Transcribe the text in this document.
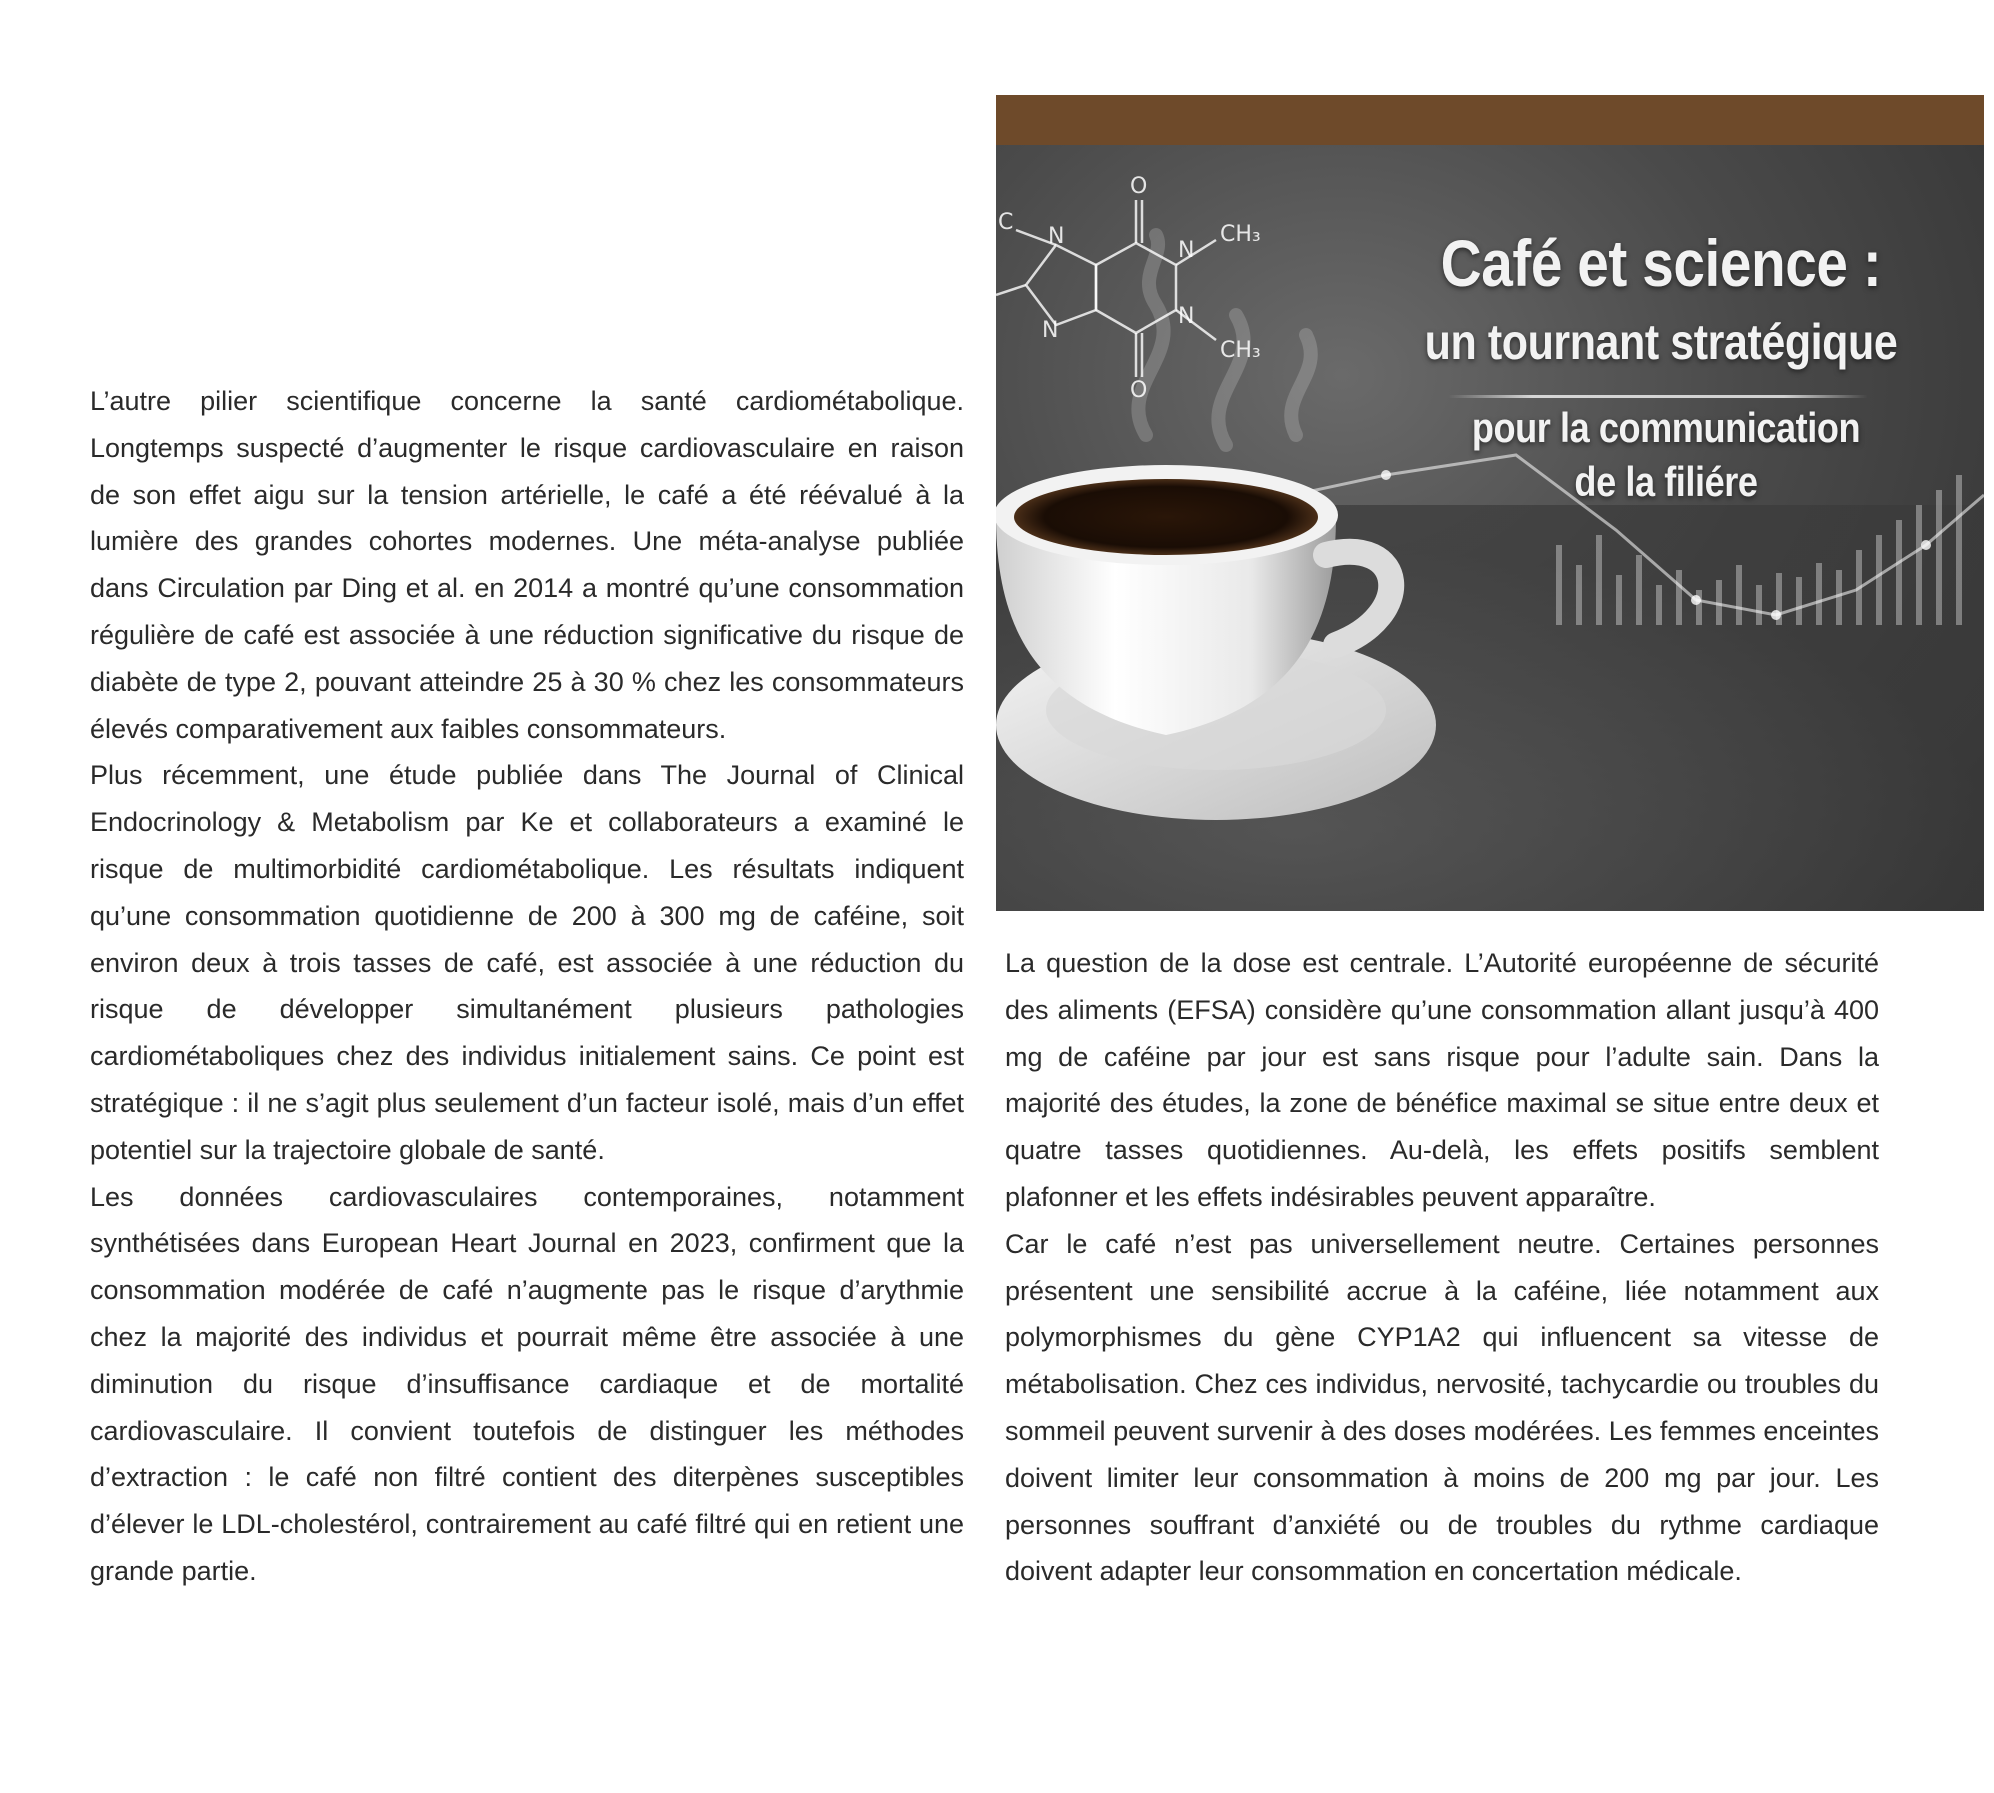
L’autre pilier scientifique concerne la santé cardiométabolique. Longtemps suspecté d’augmenter le risque cardiovasculaire en raison de son effet aigu sur la tension artérielle, le café a été réévalué à la lumière des grandes cohortes modernes. Une méta-analyse publiée dans Circulation par Ding et al. en 2014 a montré qu’une consommation régulière de café est associée à une réduction significative du risque de diabète de type 2, pouvant atteindre 25 à 30 % chez les consommateurs élevés comparativement aux faibles consommateurs.

Plus récemment, une étude publiée dans The Journal of Clinical Endocrinology & Metabolism par Ke et collaborateurs a examiné le risque de multimorbidité cardiométabolique. Les résultats indiquent qu’une consommation quotidienne de 200 à 300 mg de caféine, soit environ deux à trois tasses de café, est associée à une réduction du risque de développer simultanément plusieurs pathologies cardiométaboliques chez des individus initialement sains. Ce point est stratégique : il ne s’agit plus seulement d’un facteur isolé, mais d’un effet potentiel sur la trajectoire globale de santé.

Les données cardiovasculaires contemporaines, notamment synthétisées dans European Heart Journal en 2023, confirment que la consommation modérée de café n’augmente pas le risque d’arythmie chez la majorité des individus et pourrait même être associée à une diminution du risque d’insuffisance cardiaque et de mortalité cardiovasculaire. Il convient toutefois de distinguer les méthodes d’extraction : le café non filtré contient des diterpènes susceptibles d’élever le LDL-cholestérol, contrairement au café filtré qui en retient une grande partie.

O
O
N
N
N
N
CH₃
CH₃
C
Café et science :
un tournant stratégique
pour la communication de la filiére

La question de la dose est centrale. L’Autorité européenne de sécurité des aliments (EFSA) considère qu’une consommation allant jusqu’à 400 mg de caféine par jour est sans risque pour l’adulte sain. Dans la majorité des études, la zone de bénéfice maximal se situe entre deux et quatre tasses quotidiennes. Au-delà, les effets positifs semblent plafonner et les effets indésirables peuvent apparaître.

Car le café n’est pas universellement neutre. Certaines personnes présentent une sensibilité accrue à la caféine, liée notamment aux polymorphismes du gène CYP1A2 qui influencent sa vitesse de métabolisation. Chez ces individus, nervosité, tachycardie ou troubles du sommeil peuvent survenir à des doses modérées. Les femmes enceintes doivent limiter leur consommation à moins de 200 mg par jour. Les personnes souffrant d’anxiété ou de troubles du rythme cardiaque doivent adapter leur consommation en concertation médicale.
